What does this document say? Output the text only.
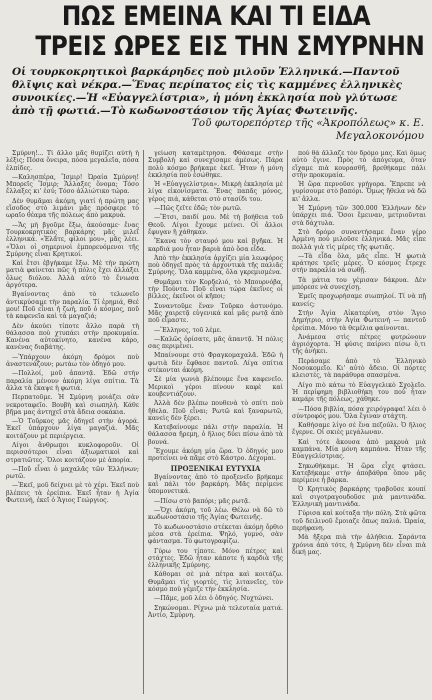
ΠΩΣ ΕΜΕΙΝΑ ΚΑΙ ΤΙ ΕΙΔΑ
ΤΡΕΙΣ ΩΡΕΣ ΕΙΣ ΤΗΝ ΣΜΥΡΝΗΝ
Οἱ τουρκοκρητικοὶ βαρκάρηδες ποὺ μιλοῦν Ἑλληνικά.—Παντοῦ θλῖψις καὶ νέκρα.—Ἕνας περίπατος εἰς τὶς καμμένες ἑλληνικὲς συνοικίες.—Ἡ «Εὐαγγελίστρια», ἡ μόνη ἐκκλησία ποὺ γλύτωσε ἀπὸ τῇ φωτιά.—Τὸ κωδωνοστάσιον τῆς Ἁγίας Φωτεινῆς.
Τοῦ φωτορεπόρτερ τῆς «Ἀκροπόλεως» κ. Ε. Μεγαλοκονόμου

Σμύρνη!... Τί ἄλλο μᾶς θυμίζει αὐτὴ ἡ λέξις; Πόσα ὄνειρα, πόσα μεγαλεῖα, πόσα ἐλπίδες.

—Καλησπέρα, Ἴσμιρ! Ὡραία Σμύρνη! Μπορεῖς Ἴσμιρ; Ἄλλαξες ὄνομα; Τόσο ἔλλαξες κι' ἐσύ; Τόσο ἀλλιώτικο τώρα.

Δὲν θυμᾶμαι ἀκόμη, γιατί ἡ πρώτη μας εἴσοδος στὸ λιμάνι μᾶς πρόσφερε τὸ ωραῖο θέαμα τῆς πόλεως ἀπὸ μακρυά.

—Ἄς μὴ βγοῦμε ἔξω, ἀκούσαμε· ἕνας Τουρκοκρητικὸς βαρκάρης μᾶς μιλεῖ ἑλληνικά. «Ἐλᾶτε, φίλοι μου», μᾶς λέει. «Ὅλοι οἱ σημερινοὶ ἐμπορευόμενοι τῆς Σμύρνης εἶναι Κρητικοί.

Καὶ ἔτσι ἐβγήκαμε ἔξω. Μὲ τὴν πρώτη ματιὰ φαίνεται πῶς ἡ πόλις ἔχει ἀλλάξει ὅλως διόλου. Ἀλλὰ αὐτὸ τὸ ἔνιωσα ἀργότερα.

Βγαίνοντας ἀπὸ τὸ τελωνεῖο ἀντικρύσαμε τὴν παραλία. Τί ἐρημιά, Θεέ μου! Ποῦ εἶναι ἡ ζωή, ποῦ ὁ κόσμος, ποῦ τὰ καφενεῖα καὶ τὰ μαγαζιά;

Δὲν ἀκούει τίποτε ἄλλο παρὰ τὴ θάλασσα ποὺ χτυπάει στὴν προκυμαία. Κανένα αὐτοκίνητο, κανένα κάρο, κανένας διαβάτης.

—Ὑπάρχουν ἀκόμη δρόμοι ποὺ ἀναστενάζουν; ρωτάω τὸν ὁδηγό μου.

—Πολλοί, μοῦ ἀπαντᾷ. Ἐδῶ στὴν παραλία μένουν ἀκόμη λίγα σπίτια. Τὰ ἄλλα τὰ ἔκαψε ἡ φωτιά.

Περπατοῦμε. Ἡ Σμύρνη μοιάζει σὰν νεκροταφεῖο. Βουβὴ καὶ σιωπηλή. Κάθε βῆμα μας ἀντηχεῖ στὰ ἄδεια σοκάκια.

—Ὁ Τοῦρκος μᾶς ὁδηγεῖ στὴν ἀγορά. Ἐκεῖ ὑπάρχουν λίγα μαγαζιά. Μᾶς κοιτάζουν μὲ περιέργεια.

Λίγοι ἄνθρωποι κυκλοφοροῦν. Οἱ περισσότεροι εἶναι ἀξιωματικοὶ καὶ στρατιῶτες. Ὅλοι κοιτάζουν μὲ ἀπορία.

—Ποῦ εἶναι ὁ μαχαλᾶς τῶν Ἑλλήνων; ρωτῶ.

—Ἐκεῖ, μοῦ δείχνει μὲ τὸ χέρι. Ἐκεῖ ποὺ βλέπεις τὰ ἐρείπια. Ἐκεῖ ἦταν ἡ Ἁγία Φωτεινή, ἐκεῖ ὁ Ἅγιος Γεώργιος.

γείωση καταμέτρησα. Φθάσαμε στὴν Συμβολὴ καὶ συνεχίσαμε ἀμέσως. Πάρα πολὺ κόσμο βρήκαμε ἐκεῖ. Ἦταν ἡ μόνη ἐκκλησία ποὺ ἐσώθηκε.

Ἡ «Εὐαγγελίστρια». Μικρὴ ἐκκλησία μὲ λίγα εἰκονίσματα. Ἕνας παπᾶς μόνος, γέρος πιά, κάθεται στὸ στασίδι του.

—Πῶς ζεῖτε ἐδῶ; τὸν ρωτῶ.

—Ἔτσι, παιδί μου. Μὲ τὴ βοήθεια τοῦ Θεοῦ. Λίγοι ἔχουμε μείνει. Οἱ ἄλλοι ἔφυγαν ἢ χάθηκαν.

Ἔκανα τὸν σταυρό μου καὶ βγῆκα. Ἡ καρδιά μου ἦταν βαριὰ ἀπὸ ὅσα εἶδα.

Ἀπὸ τὴν ἐκκλησία ἀρχίζει μία λεωφόρος ποὺ ὁδηγεῖ πρὸς τὰ ἀρχοντικὰ τῆς παλιᾶς Σμύρνης. Ὅλα καμμένα, ὅλα γκρεμισμένα.

Θυμᾶμαι τὸν Κορδελιό, τὸ Μπουρνόβα, τὴν Πούντα. Ποῦ εἶναι τώρα ἐκεῖνες οἱ βίλλες, ἐκεῖνοι οἱ κῆποι;

Συναντοῦμε ἕναν Τοῦρκο ἀστυνόμο. Μᾶς χαιρετᾷ εὐγενικά καὶ μᾶς ρωτᾷ ἀπὸ ποῦ εἴμαστε.

—Ἕλληνες, τοῦ λέμε.

—Καλῶς ὁρίσατε, μᾶς ἀπαντᾷ. Ἡ πόλις σας περιμένει.

Μπαίνουμε στὸ Φραγκομαχαλᾶ. Ἐδῶ ἡ φωτιὰ δὲν ἔφθασε παντοῦ. Λίγα σπίτια στέκονται ἀκόμη.

Σὲ μία γωνιὰ βλέπουμε ἕνα καφενεῖο. Μερικοὶ γέροι πίνουν καφὲ καὶ κουβεντιάζουν.

Ἀλλὰ δὲν βλέπω πουθενὰ τὸ σπίτι ποὺ ἤθελα. Ποῦ εἶναι; Ρωτῶ καὶ ξαναρωτῶ, κανεὶς δὲν ξέρει.

Κατεβαίνουμε πάλι στὴν παραλία. Ἡ θάλασσα ἤρεμη, ὁ ἥλιος δύει πίσω ἀπὸ τὰ βουνά.

Ἔχουμε ἀκόμη μία ὥρα. Ὁ ὁδηγός μου προτείνει νὰ πᾶμε στὸ Κάστρο. Δέχομαι.

ΠΡΟΞΕΝΙΚΑΙ ΕΥΤΥΧΙΑ

Βγαίνοντας ἀπὸ τὸ προξενεῖο βρήκαμε καὶ πάλι τὸν βαρκάρη. Μᾶς περίμενε ὑπομονετικά.

—Πίσω στὸ βαπόρι; μᾶς ρωτᾷ.

—Ὄχι ἀκόμη, τοῦ λέω. Θέλω νὰ δῶ τὸ κωδωνοστάσιο τῆς Ἁγίας Φωτεινῆς.

Τὸ κωδωνοστάσιο στέκεται ἀκόμη ὄρθιο μέσα στὰ ἐρείπια. Ψηλό, γυμνό, σὰν φάντασμα. Τὸ φωτογραφίζω.

Γύρω του τίποτε. Μόνο πέτρες καὶ στάχτες. Ἐδῶ ἦταν κάποτε ἡ καρδιὰ τῆς ἑλληνικῆς Σμύρνης.

Κάθομαι σὲ μιὰ πέτρα καὶ κοιτάζω. Θυμᾶμαι τὶς γιορτές, τὶς λιτανεῖες, τὸν κόσμο ποὺ γέμιζε τὴν ἐκκλησία.

—Πᾶμε, μοῦ λέει ὁ ὁδηγός. Νυχτώνει.

Σηκώνομαι. Ρίχνω μιὰ τελευταία ματιά. Ἀντίο, Σμύρνη.

ποὺ θὰ ἄλλαζε τὸν δρόμο μας. Καὶ ὅμως αὐτὸ ἔγινε. Πρὸς τὸ ἀπόγευμα, ὅταν εἴχαμε πιὰ κουρασθῆ, βρεθήκαμε πάλι στὴν προκυμαία.

Ἡ ὥρα περνοῦσε γρήγορα. Ἔπρεπε νὰ γυρίσουμε στὸ βαπόρι. Ὅμως ἤθελα νὰ δῶ κι' ἄλλα.

Ἡ Σμύρνη τῶν 300.000 Ἑλλήνων δὲν ὑπάρχει πιά. Ὅσοι ἔμειναν, μετριοῦνται στὰ δάχτυλα.

Στὸ δρόμο συναντήσαμε ἕναν γέρο Ἀρμένη ποὺ μιλοῦσε ἑλληνικά. Μᾶς εἶπε πολλὰ γιὰ τὶς μέρες τῆς φωτιᾶς.

—Τὰ εἶδα ὅλα, μᾶς εἶπε. Ἡ φωτιὰ κράτησε τρεῖς μέρες. Ὁ κόσμος ἔτρεχε στὴν παραλία νὰ σωθῇ.

Τὰ μάτια του γέμισαν δάκρυα. Δὲν μπόρεσε νὰ συνεχίσῃ.

Ἐμεῖς προχωρήσαμε σιωπηλοί. Τί νὰ πῇ κανείς;

Στὴν Ἁγία Αἰκατερίνη, στὸν Ἅγιο Δημήτριο, στὴν Ἁγία Φωτεινή — παντοῦ ἐρείπια. Μόνο τὰ θεμέλια φαίνονται.

Ἀνάμεσα στὶς πέτρες φυτρώνουν ἀγριόχορτα. Ἡ φύσις παίρνει πίσω ὅ,τι τῆς ἀνήκει.

Περάσαμε ἀπὸ τὸ Ἑλληνικὸ Νοσοκομεῖο. Κι' αὐτὸ ἄδειο. Οἱ πόρτες κλειστές, τὰ παράθυρα σπασμένα.

Λίγο πιὸ κάτω τὸ Εὐαγγελικὸ Σχολεῖο. Ἡ περίφημη βιβλιοθήκη του ποὺ ἦταν καμάρι τῆς πόλεως, χάθηκε.

—Πόσα βιβλία, πόσα χειρόγραφα! λέει ὁ σύντροφός μου. Ὅλα ἔγιναν στάχτη.

Καθήσαμε λίγο σὲ ἕνα πεζούλι. Ὁ ἥλιος ἔγερνε. Οἱ σκιὲς μεγάλωναν.

Καὶ τότε ἄκουσα ἀπὸ μακρυὰ μιὰ καμπάνα. Μία μόνη καμπάνα. Ἦταν τῆς Εὐαγγελίστριας.

Σηκωθήκαμε. Ἡ ὥρα εἶχε φτάσει. Κατεβήκαμε στὴν ἀποβάθρα ὅπου μᾶς περίμενε ἡ βάρκα.

Ὁ Κρητικὸς βαρκάρης τραβοῦσε κουπί καὶ σιγοτραγουδοῦσε μιὰ μαντινάδα. Ἑλληνικὴ μαντινάδα.

Γύρισα καὶ κοίταξα τὴν πόλη. Στὰ φῶτα τοῦ δειλινοῦ ἔμοιαζε ὅπως παλιά. Ὡραία, περήφανη.

Μὰ ἤξερα πιὰ τὴν ἀλήθεια. Σαράντα χρόνια ἀπὸ τότε, ἡ Σμύρνη δὲν εἶναι πιὰ δική μας.
